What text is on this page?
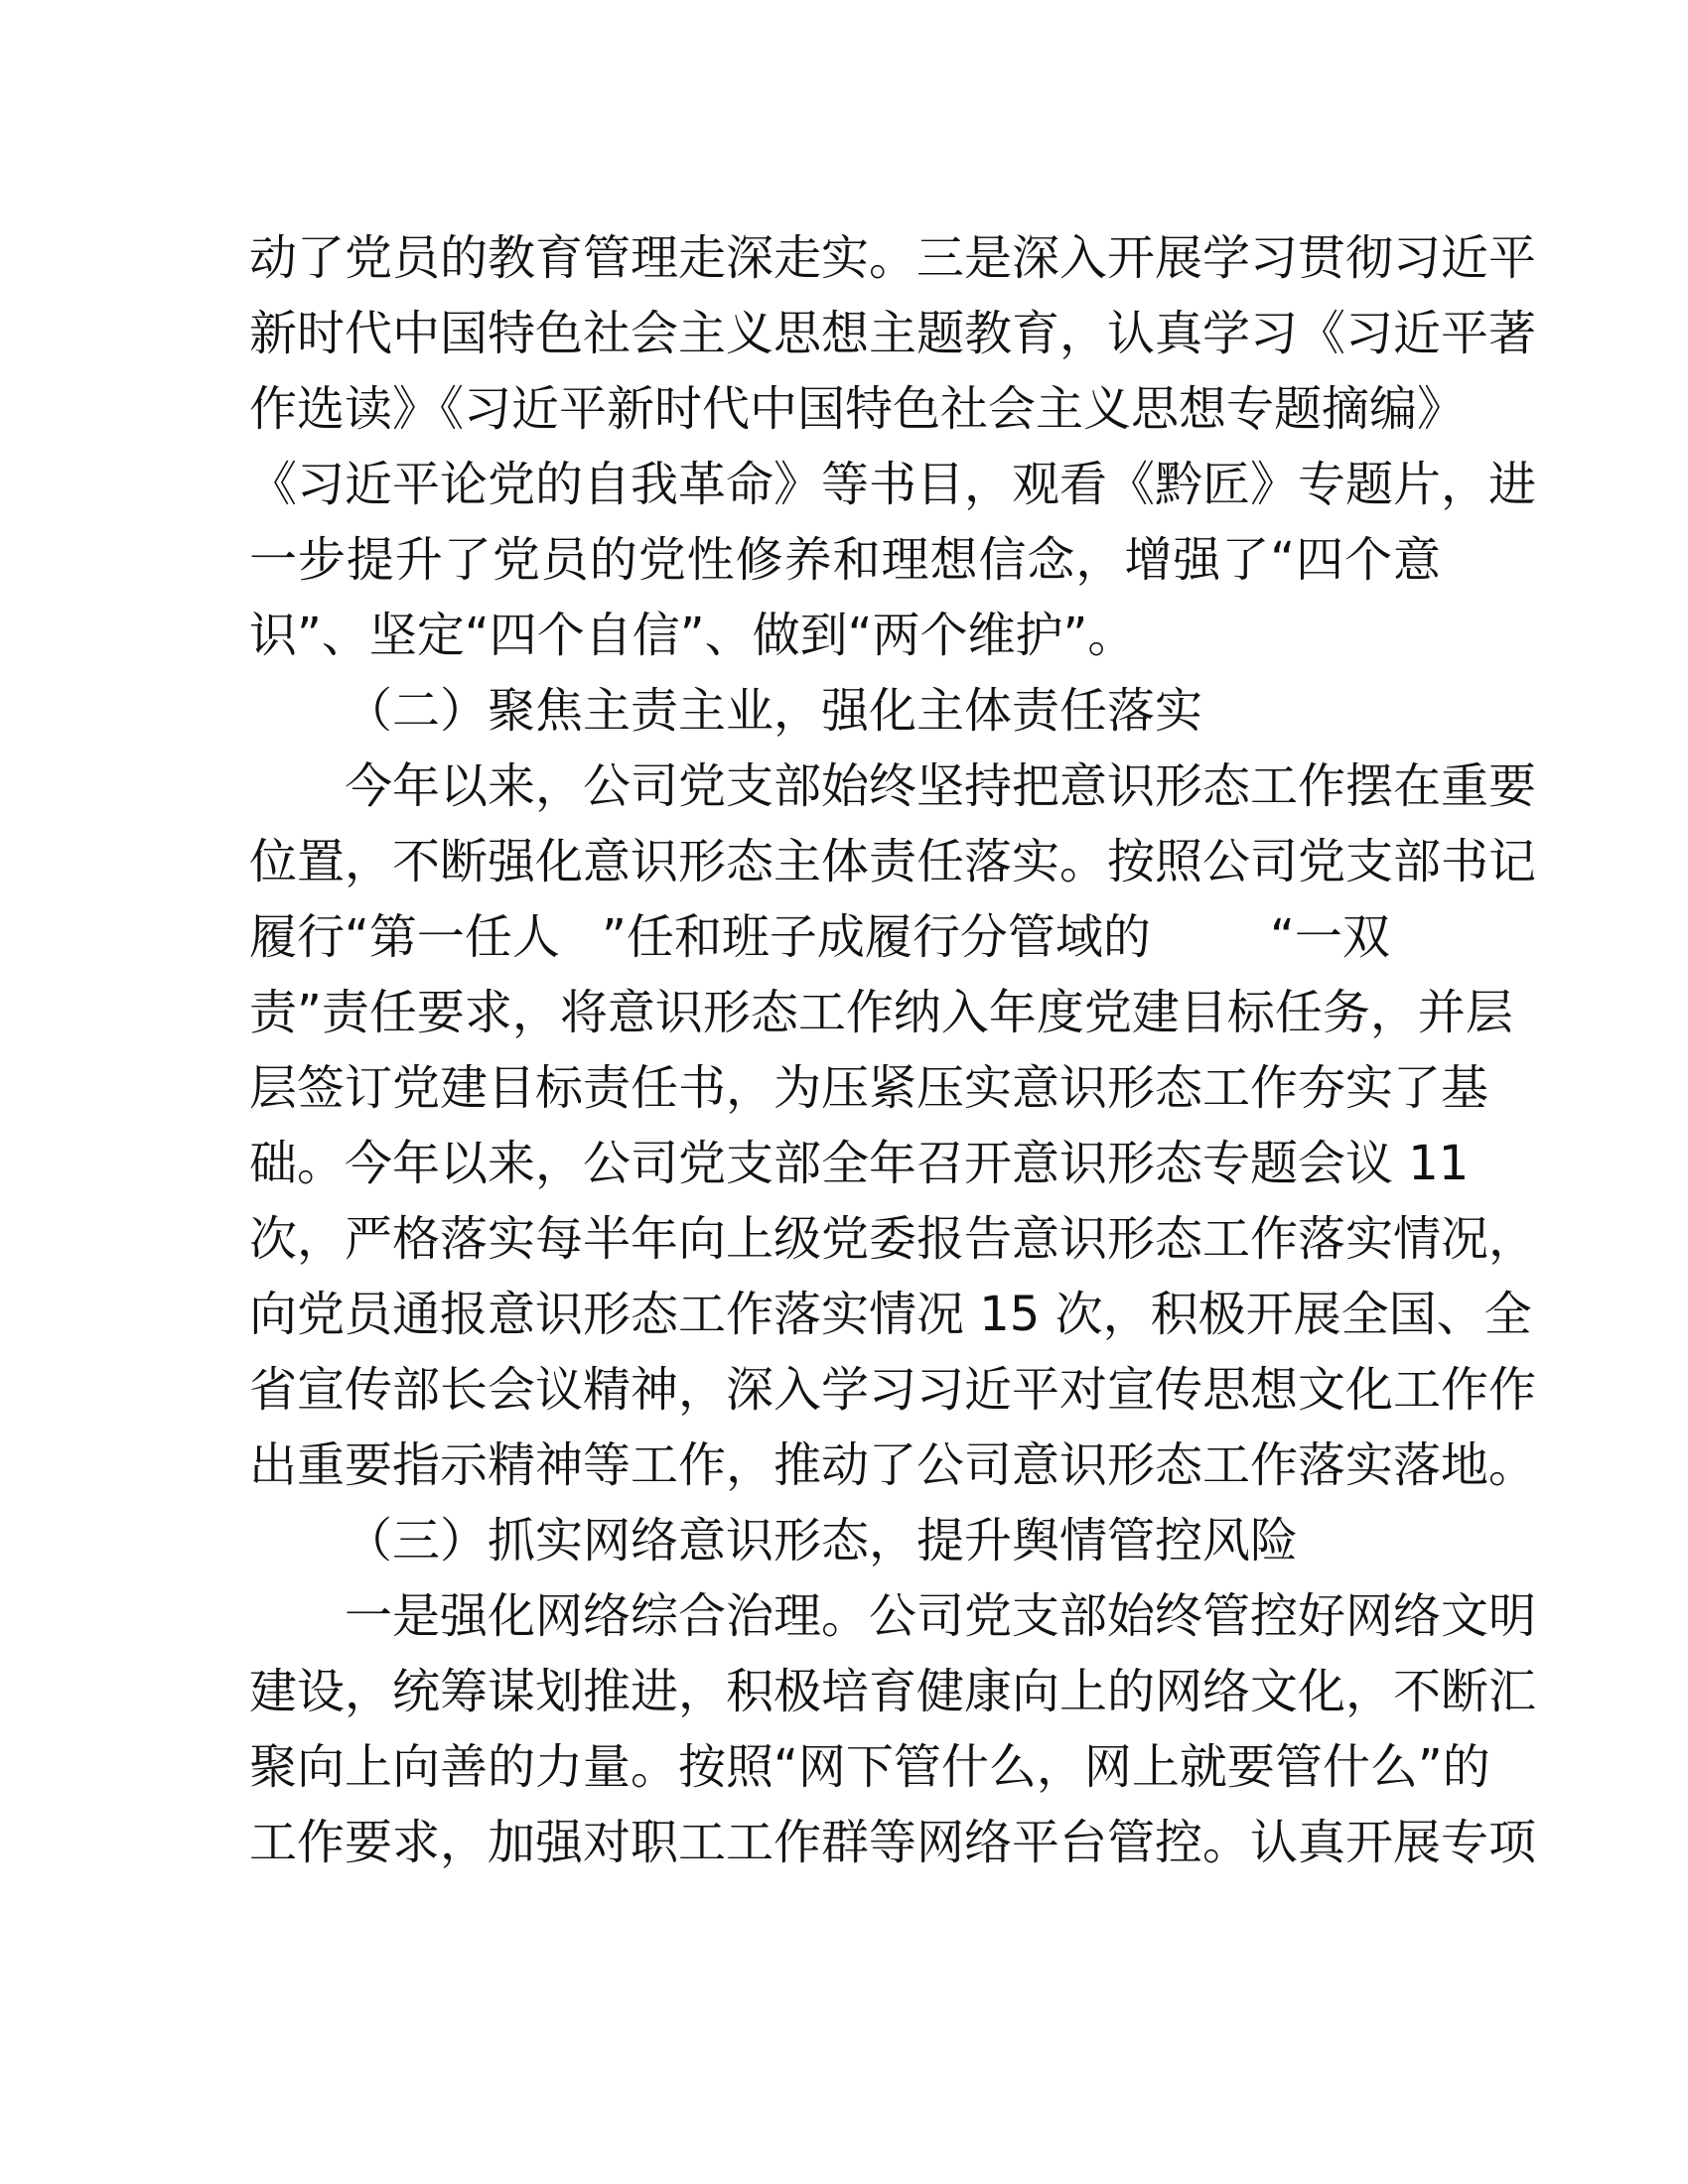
动了党员的教育管理走深走实。三是深入开展学习贯彻习近平
新时代中国特色社会主义思想主题教育，认真学习《习近平著
作选读》《习近平新时代中国特色社会主义思想专题摘编》
《习近平论党的自我革命》等书目，观看《黔匠》专题片，进
一步提升了党员的党性修养和理想信念，增强了“四个意
识”、坚定“四个自信”、做到“两个维护”。
（二）聚焦主责主业，强化主体责任落实
今年以来，公司党支部始终坚持把意识形态工作摆在重要
位置，不断强化意识形态主体责任落实。按照公司党支部书记
履行“第一任人 ”任和班子成履行分管域的	“一双
责”责任要求，将意识形态工作纳入年度党建目标任务，并层
层签订党建目标责任书，为压紧压实意识形态工作夯实了基
础。今年以来，公司党支部全年召开意识形态专题会议 11
次，严格落实每半年向上级党委报告意识形态工作落实情况，
向党员通报意识形态工作落实情况 15 次，积极开展全国、全
省宣传部长会议精神，深入学习习近平对宣传思想文化工作作
出重要指示精神等工作，推动了公司意识形态工作落实落地。
（三）抓实网络意识形态，提升舆情管控风险
一是强化网络综合治理。公司党支部始终管控好网络文明
建设，统筹谋划推进，积极培育健康向上的网络文化，不断汇
聚向上向善的力量。按照“网下管什么，网上就要管什么”的
工作要求，加强对职工工作群等网络平台管控。认真开展专项
